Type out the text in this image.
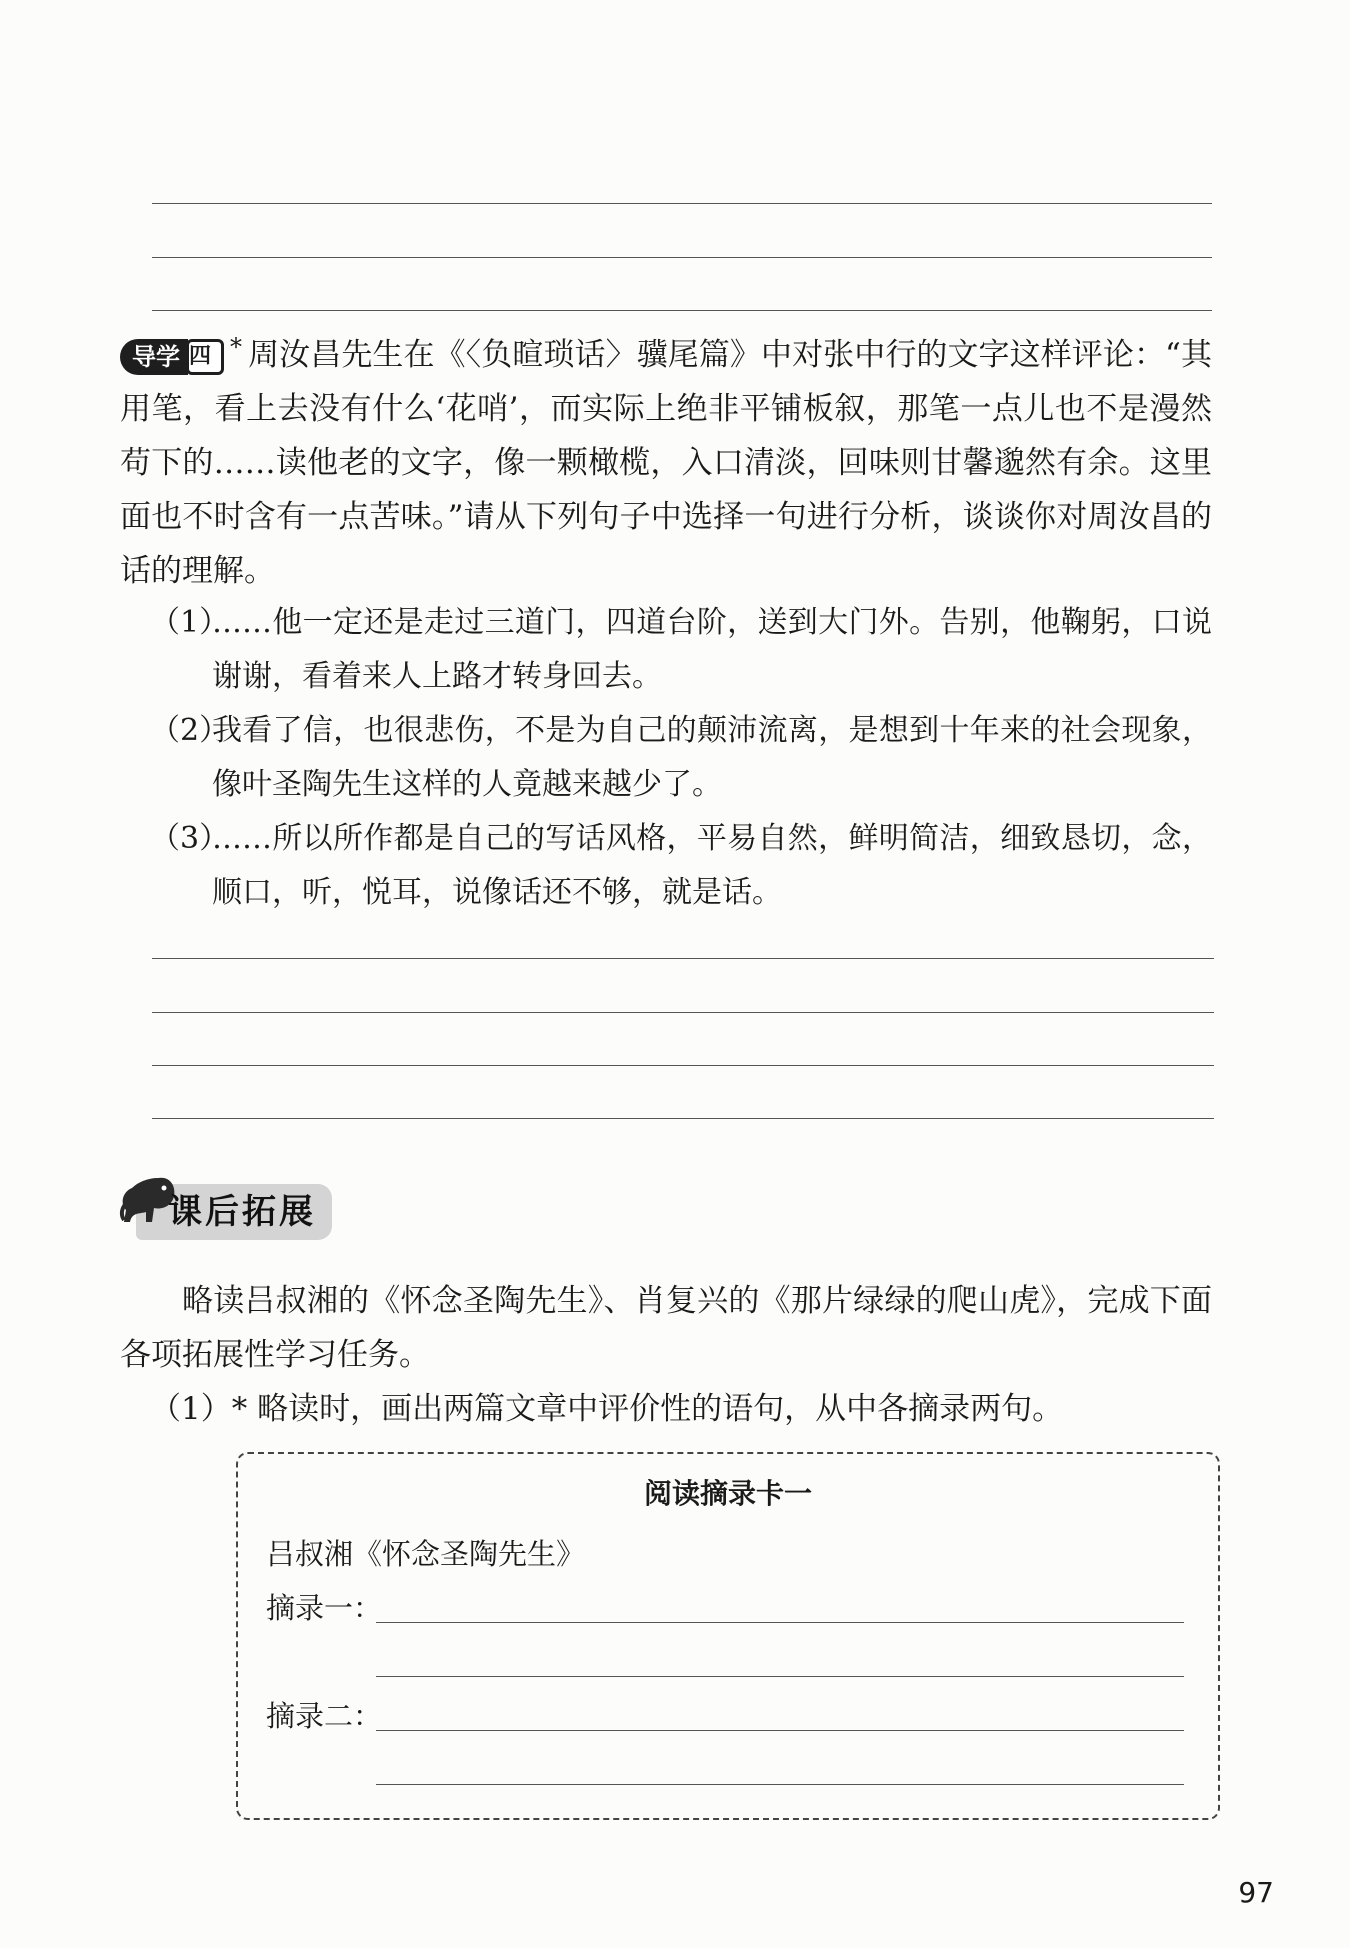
导学 四 * 周汝昌先生在《〈负暄琐话〉骥尾篇》中对张中行的文字这样评论：“其用笔，看上去没有什么‘花哨’，而实际上绝非平铺板叙，那笔一点儿也不是漫然苟下的……读他老的文字，像一颗橄榄，入口清淡，回味则甘馨邈然有余。这里面也不时含有一点苦味。”请从下列句子中选择一句进行分析，谈谈你对周汝昌的话的理解。
（1）
……他一定还是走过三道门，四道台阶，送到大门外。告别，他鞠躬，口说谢谢，看着来人上路才转身回去。
（2）
我看了信，也很悲伤，不是为自己的颠沛流离，是想到十年来的社会现象，像叶圣陶先生这样的人竟越来越少了。
（3）
……所以所作都是自己的写话风格，平易自然，鲜明简洁，细致恳切，念，顺口，听，悦耳，说像话还不够，就是话。
课后拓展
略读吕叔湘的《怀念圣陶先生》、肖复兴的《那片绿绿的爬山虎》，完成下面各项拓展性学习任务。
（1）* 略读时，画出两篇文章中评价性的语句，从中各摘录两句。
阅读摘录卡一
吕叔湘《怀念圣陶先生》
摘录一：
摘录二：
97
